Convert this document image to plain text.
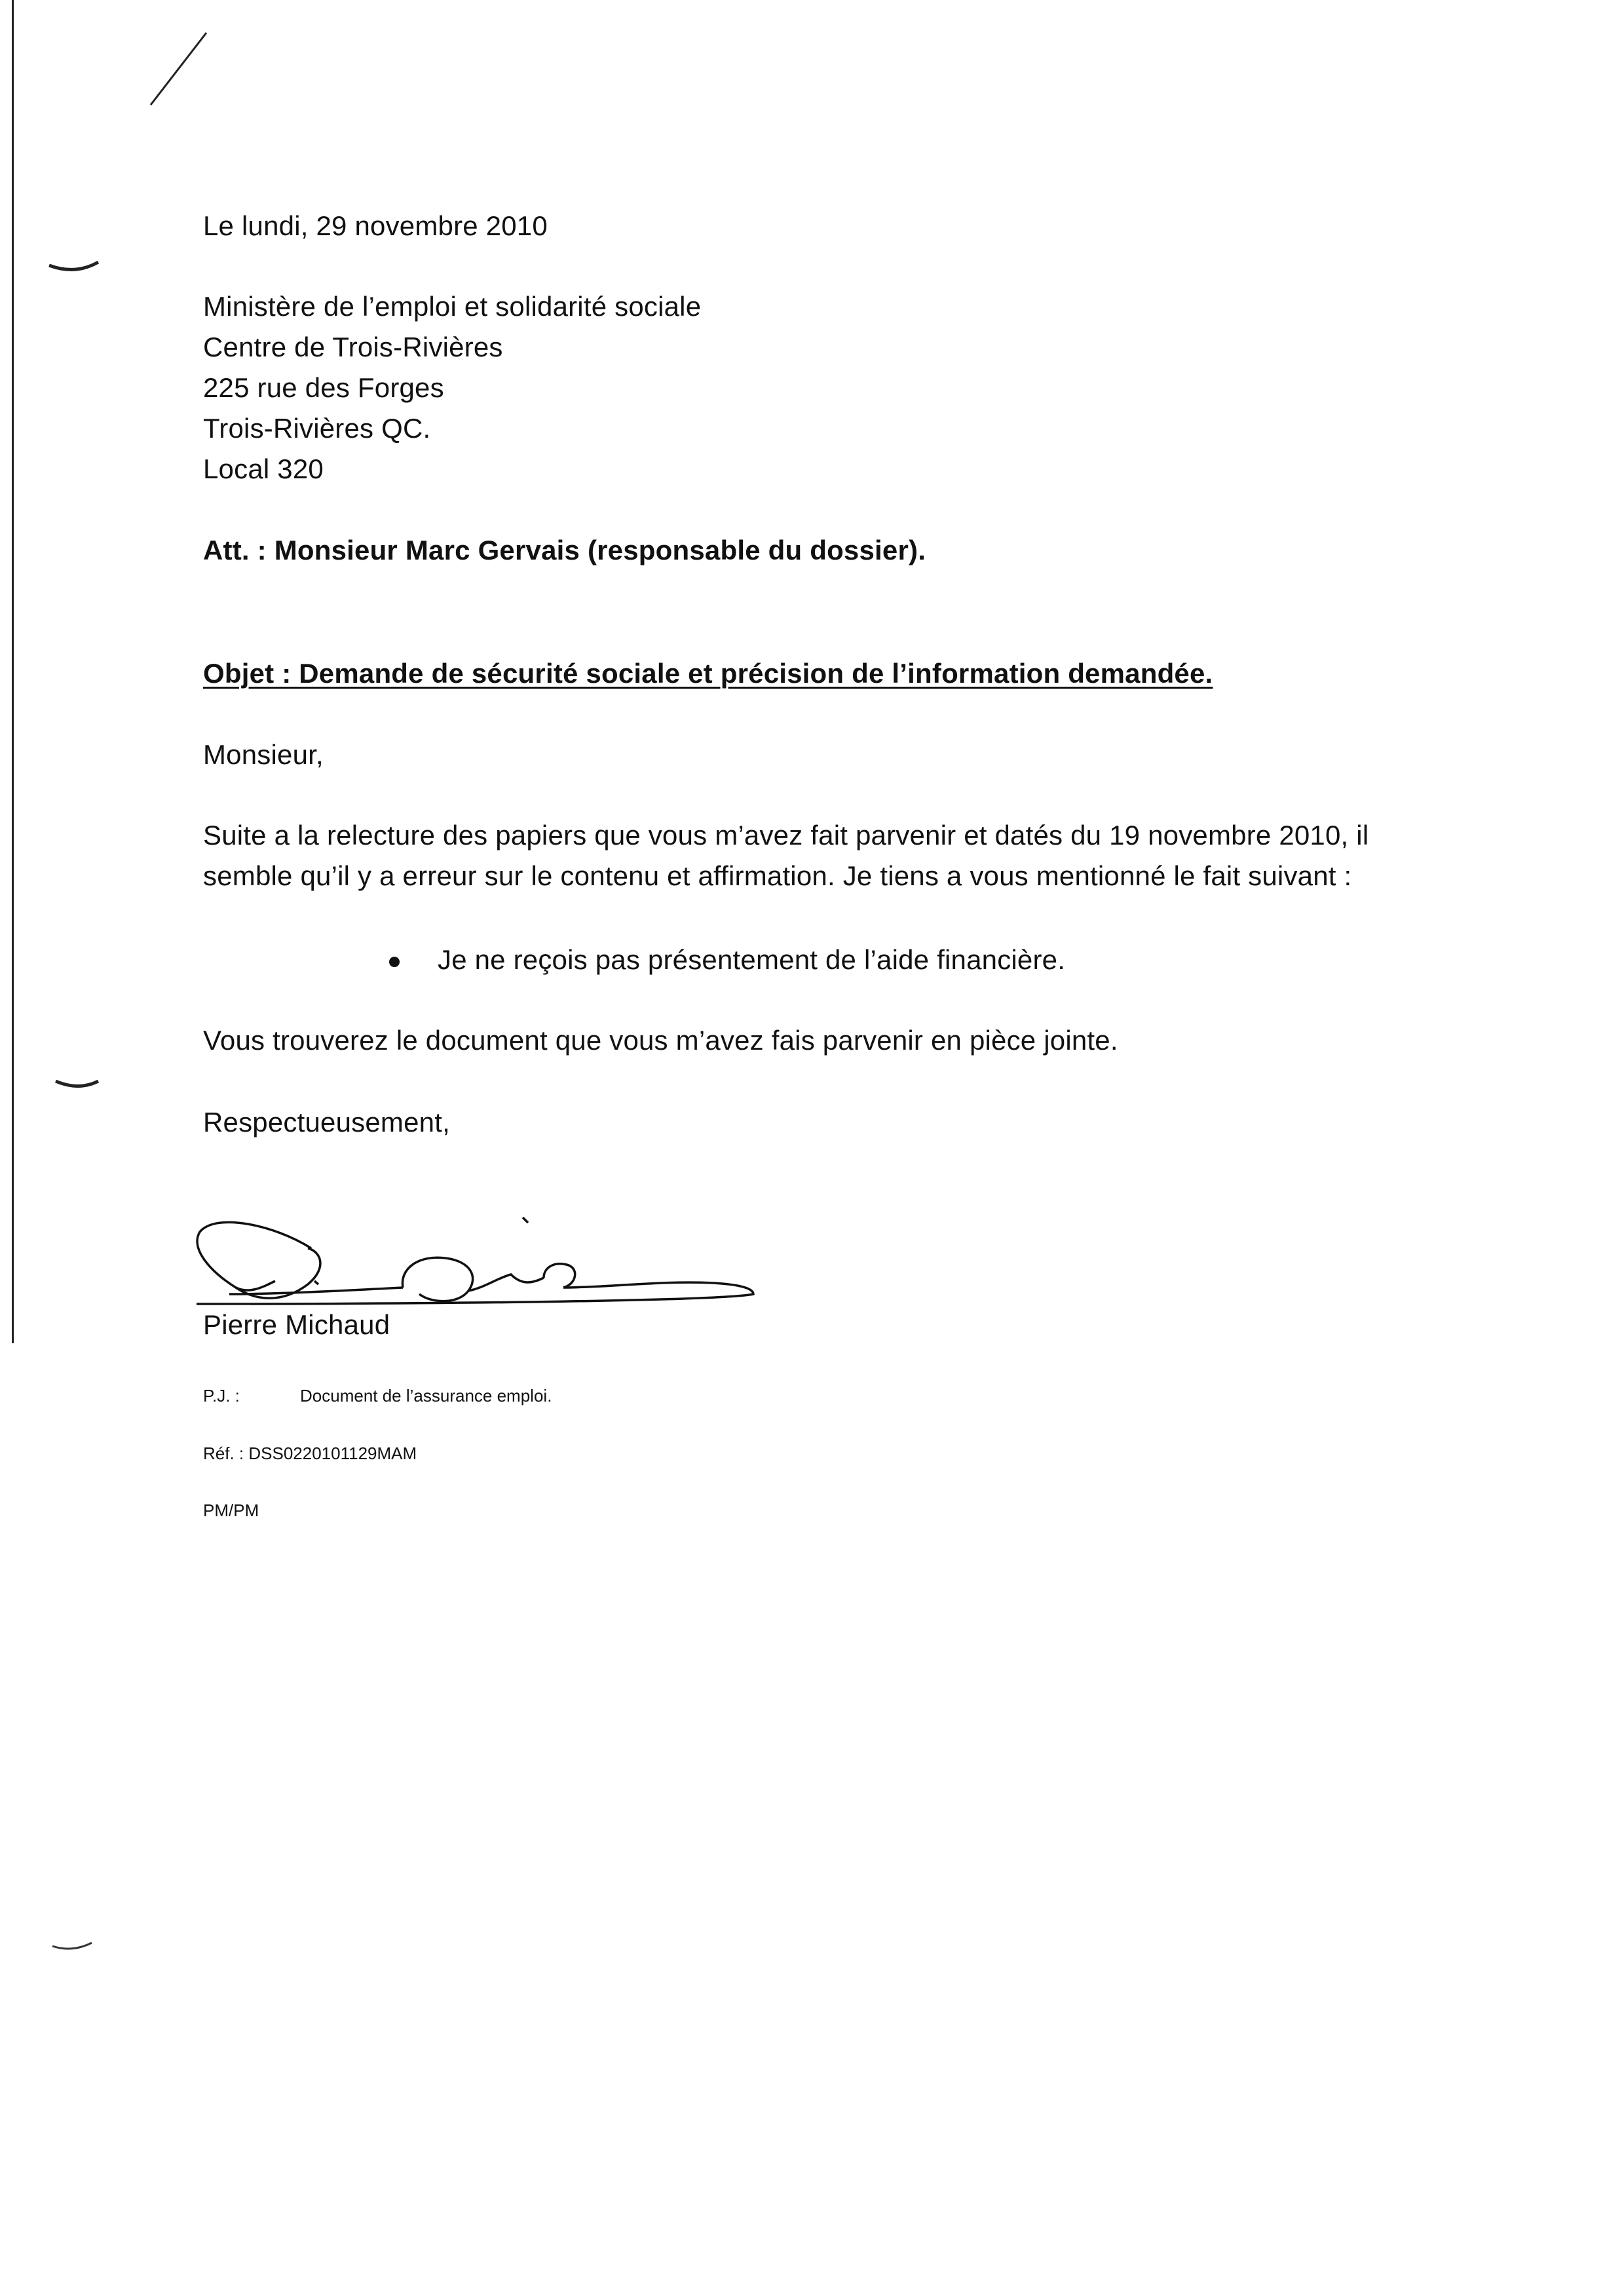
Le lundi, 29 novembre 2010
Ministère de l’emploi et solidarité sociale
Centre de Trois-Rivières
225 rue des Forges
Trois-Rivières QC.
Local 320
Att. : Monsieur Marc Gervais (responsable du dossier).
Objet : Demande de sécurité sociale et précision de l’information demandée.
Monsieur,
Suite a la relecture des papiers que vous m’avez fait parvenir et datés du 19 novembre 2010, il
semble qu’il y a erreur sur le contenu et affirmation. Je tiens a vous mentionné le fait suivant :
Je ne reçois pas présentement de l’aide financière.
Vous trouverez le document que vous m’avez fais parvenir en pièce jointe.
Respectueusement,
Pierre Michaud
P.J. :	Document de l’assurance emploi.
Réf. : DSS0220101129MAM
PM/PM
